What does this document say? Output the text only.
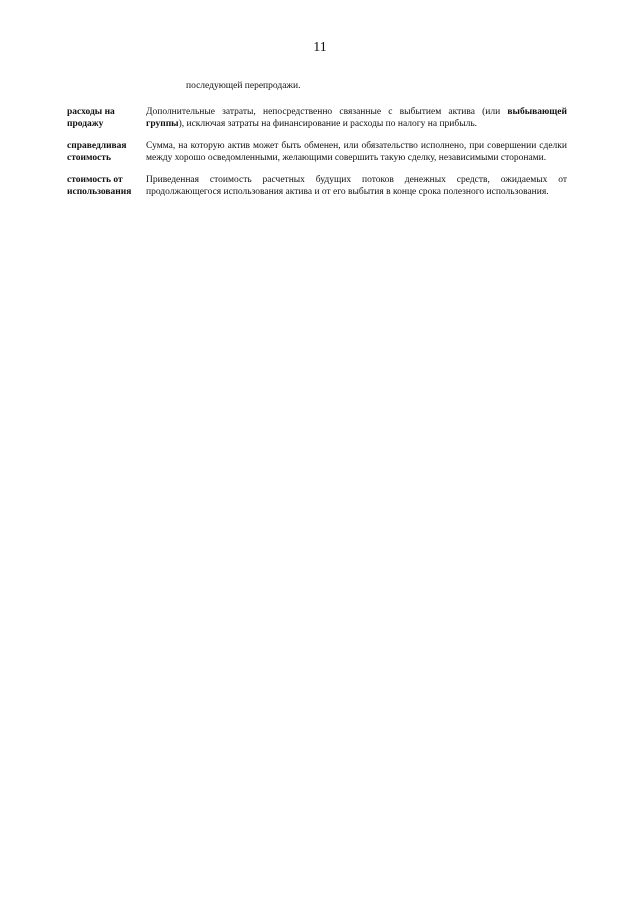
11
последующей перепродажи.
расходы на продажу
Дополнительные затраты, непосредственно связанные с выбытием актива (или выбывающей группы), исключая затраты на финансирование и расходы по налогу на прибыль.
справедливая стоимость
Сумма, на которую актив может быть обменен, или обязательство исполнено, при совершении сделки между хорошо осведомленными, желающими совершить такую сделку, независимыми сторонами.
стоимость от использования
Приведенная стоимость расчетных будущих потоков денежных средств, ожидаемых от продолжающегося использования актива и от его выбытия в конце срока полезного использования.
